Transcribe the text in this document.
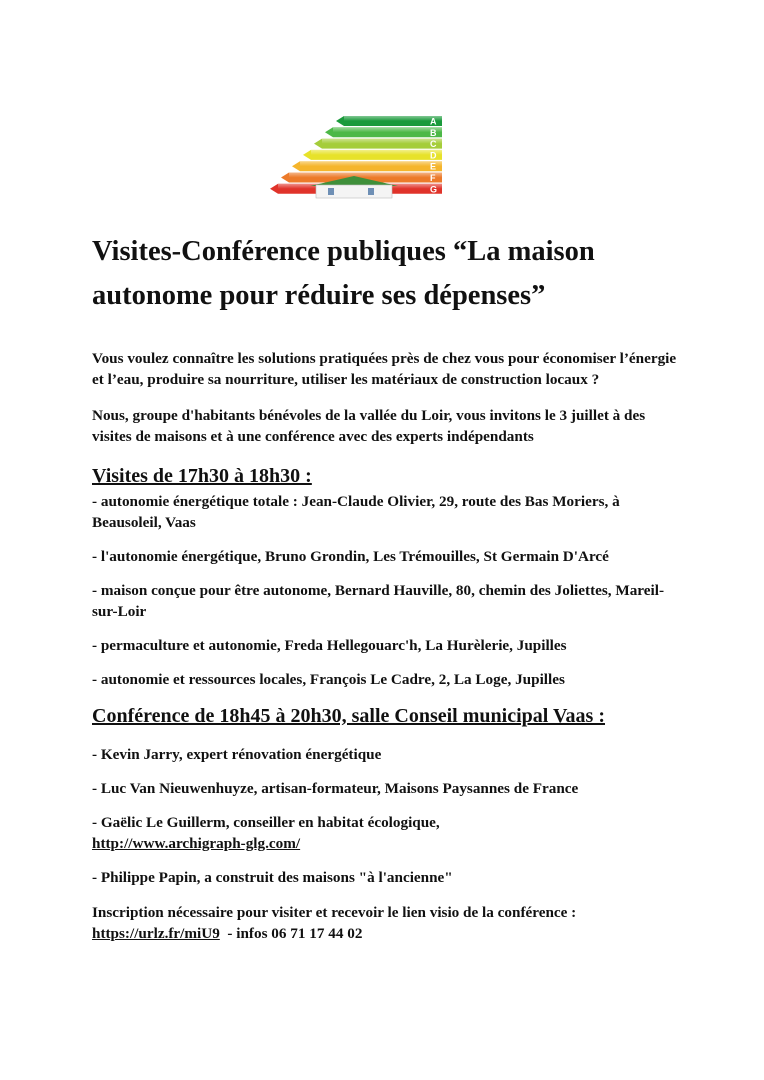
A
B
C
D
E
F
G
Visites-Conférence publiques “La maison autonome pour réduire ses dépenses”

Vous voulez connaître les solutions pratiquées près de chez vous pour économiser l’énergie et l’eau, produire sa nourriture, utiliser les matériaux de construction locaux ?

Nous, groupe d'habitants bénévoles de la vallée du Loir, vous invitons le 3 juillet à des visites de maisons et à une conférence avec des experts indépendants

Visites de 17h30 à 18h30 :

- autonomie énergétique totale : Jean-Claude Olivier, 29, route des Bas Moriers, à Beausoleil, Vaas

- l'autonomie énergétique, Bruno Grondin, Les Trémouilles, St Germain D'Arcé

- maison conçue pour être autonome, Bernard Hauville, 80, chemin des Joliettes, Mareil-sur-Loir

- permaculture et autonomie, Freda Hellegouarc'h, La Hurèlerie, Jupilles

- autonomie et ressources locales, François Le Cadre, 2, La Loge, Jupilles

Conférence de 18h45 à 20h30, salle Conseil municipal Vaas :

- Kevin Jarry, expert rénovation énergétique

- Luc Van Nieuwenhuyze, artisan-formateur, Maisons Paysannes de France

- Gaëlic Le Guillerm, conseiller en habitat écologique,
http://www.archigraph-glg.com/

- Philippe Papin, a construit des maisons "à l'ancienne"

Inscription nécessaire pour visiter et recevoir le lien visio de la conférence :
https://urlz.fr/miU9  - infos 06 71 17 44 02
